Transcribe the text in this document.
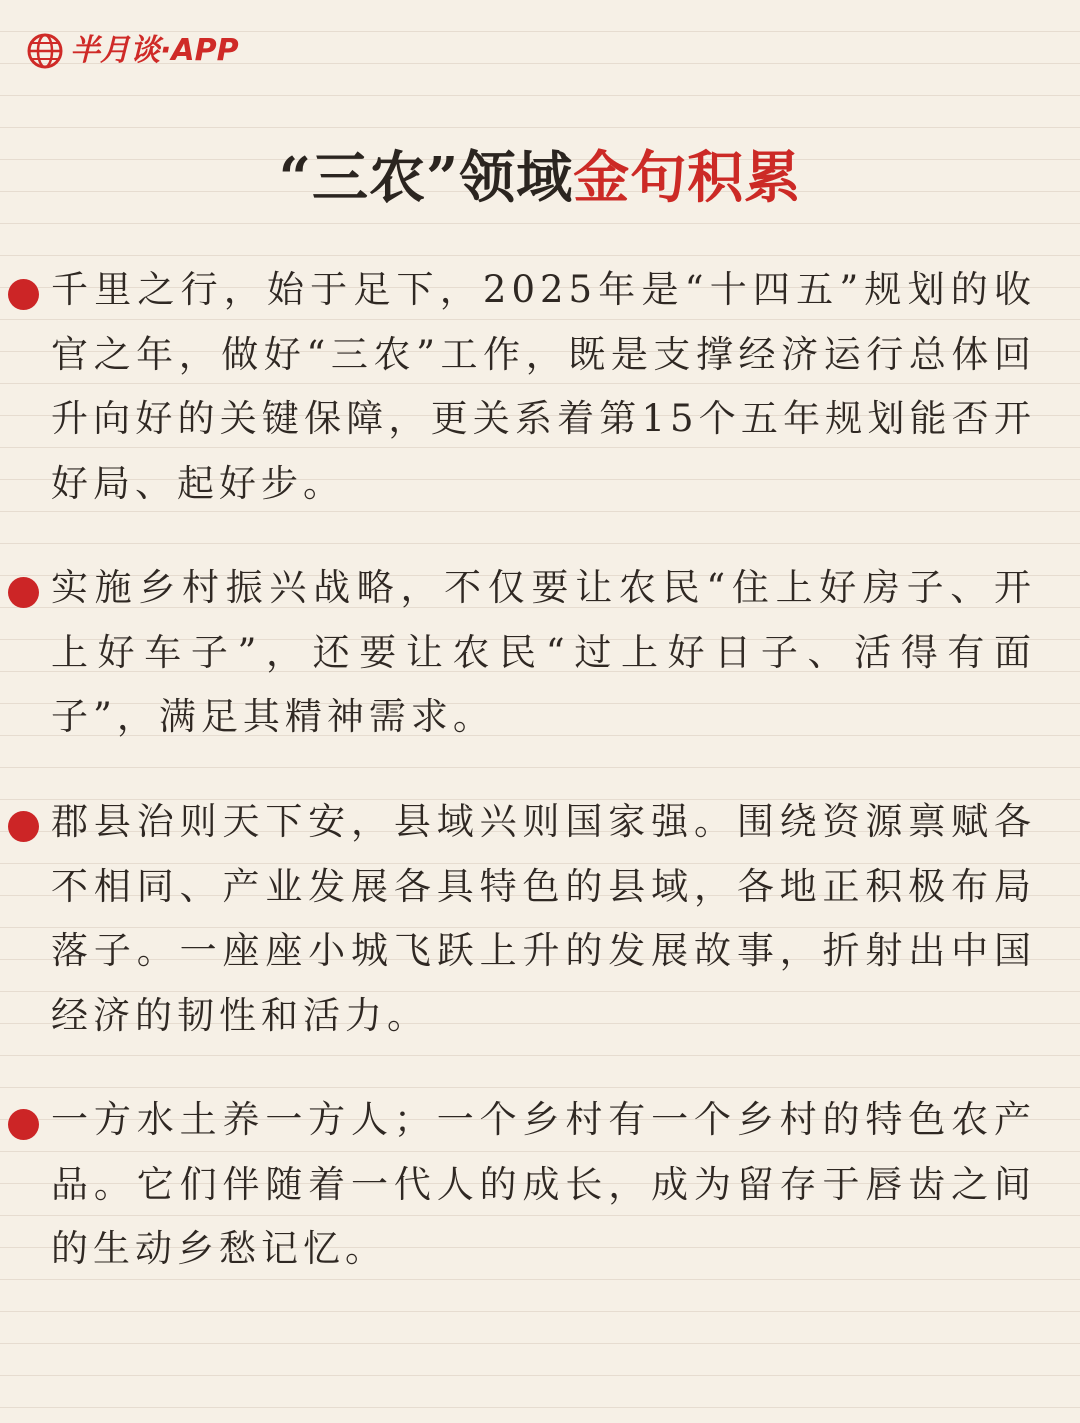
半月谈·APP
“三农”领域金句积累

千里之行，始于足下，2025年是“十四五”规划的收官之年，做好“三农”工作，既是支撑经济运行总体回升向好的关键保障，更关系着第15个五年规划能否开好局、起好步。

实施乡村振兴战略，不仅要让农民“住上好房子、开上好车子”，还要让农民“过上好日子、活得有面子”，满足其精神需求。

郡县治则天下安，县域兴则国家强。围绕资源禀赋各不相同、产业发展各具特色的县域，各地正积极布局落子。一座座小城飞跃上升的发展故事，折射出中国经济的韧性和活力。

一方水土养一方人；一个乡村有一个乡村的特色农产品。它们伴随着一代人的成长，成为留存于唇齿之间的生动乡愁记忆。
